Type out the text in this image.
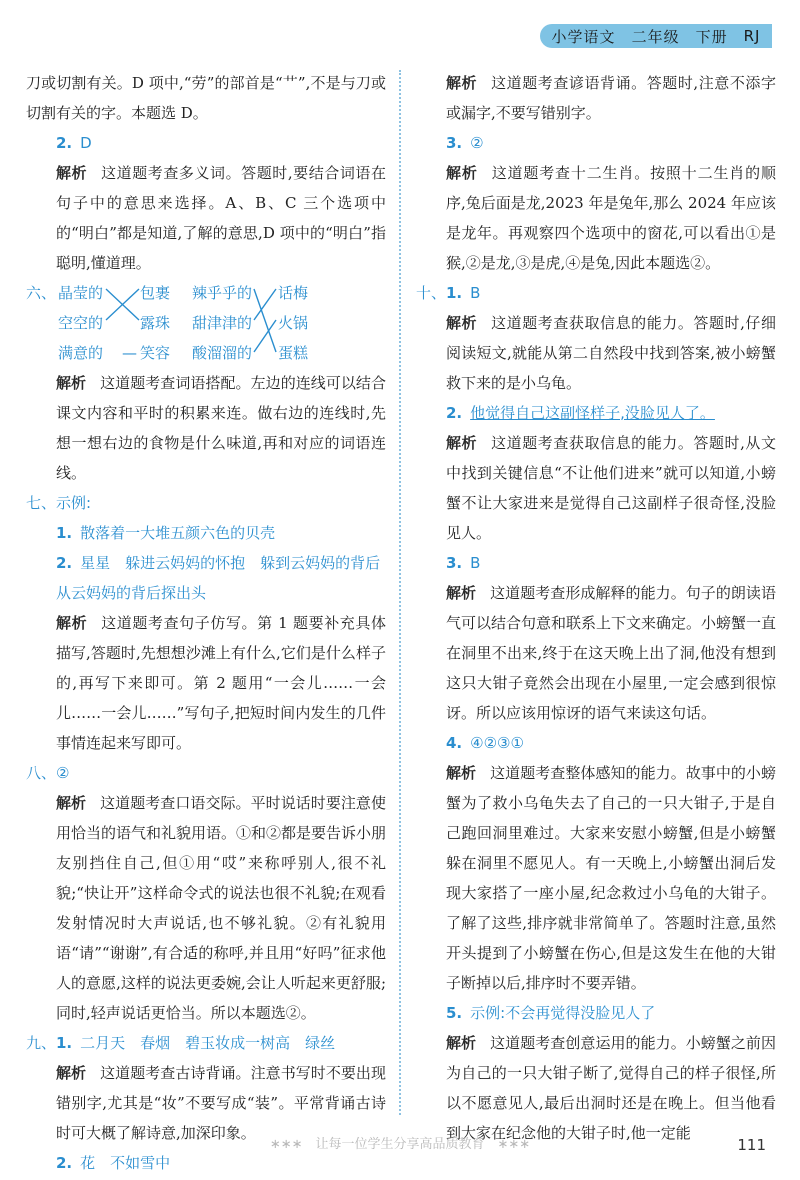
小学语文 二年级 下册 RJ
刀或切割有关。D 项中,“劳”的部首是“艹”,不是与刀或切割有关的字。本题选 D。
2. D
解析 这道题考查多义词。答题时,要结合词语在句子中的意思来选择。A、B、C 三个选项中的“明白”都是知道,了解的意思,D 项中的“明白”指聪明,懂道理。
六、 晶莹的
空空的
满意的 —
包裹
露珠
笑容
辣乎乎的
甜津津的
酸溜溜的
话梅
火锅
蛋糕
解析 这道题考查词语搭配。左边的连线可以结合课文内容和平时的积累来连。做右边的连线时,先想一想右边的食物是什么味道,再和对应的词语连线。
七、示例:
1. 散落着一大堆五颜六色的贝壳
2. 星星　躲进云妈妈的怀抱　躲到云妈妈的背后　从云妈妈的背后探出头
解析 这道题考查句子仿写。第 1 题要补充具体描写,答题时,先想想沙滩上有什么,它们是什么样子的,再写下来即可。第 2 题用“一会儿……一会儿……一会儿……”写句子,把短时间内发生的几件事情连起来写即可。
八、②
解析 这道题考查口语交际。平时说话时要注意使用恰当的语气和礼貌用语。①和②都是要告诉小朋友别挡住自己,但①用“哎”来称呼别人,很不礼貌;“快让开”这样命令式的说法也很不礼貌;在观看发射情况时大声说话,也不够礼貌。②有礼貌用语“请”“谢谢”,有合适的称呼,并且用“好吗”征求他人的意愿,这样的说法更委婉,会让人听起来更舒服;同时,轻声说话更恰当。所以本题选②。
九、1. 二月天　春烟　碧玉妆成一树高　绿丝
解析 这道题考查古诗背诵。注意书写时不要出现错别字,尤其是“妆”不要写成“装”。平常背诵古诗时可大概了解诗意,加深印象。
2. 花　不如雪中
解析 这道题考查谚语背诵。答题时,注意不添字或漏字,不要写错别字。
3. ②
解析 这道题考查十二生肖。按照十二生肖的顺序,兔后面是龙,2023 年是兔年,那么 2024 年应该是龙年。再观察四个选项中的窗花,可以看出①是猴,②是龙,③是虎,④是兔,因此本题选②。
十、1. B
解析 这道题考查获取信息的能力。答题时,仔细阅读短文,就能从第二自然段中找到答案,被小螃蟹救下来的是小乌龟。
2. 他觉得自己这副怪样子,没脸见人了。
解析 这道题考查获取信息的能力。答题时,从文中找到关键信息“不让他们进来”就可以知道,小螃蟹不让大家进来是觉得自己这副样子很奇怪,没脸见人。
3. B
解析 这道题考查形成解释的能力。句子的朗读语气可以结合句意和联系上下文来确定。小螃蟹一直在洞里不出来,终于在这天晚上出了洞,他没有想到这只大钳子竟然会出现在小屋里,一定会感到很惊讶。所以应该用惊讶的语气来读这句话。
4. ④②③①
解析 这道题考查整体感知的能力。故事中的小螃蟹为了救小乌龟失去了自己的一只大钳子,于是自己跑回洞里难过。大家来安慰小螃蟹,但是小螃蟹躲在洞里不愿见人。有一天晚上,小螃蟹出洞后发现大家搭了一座小屋,纪念救过小乌龟的大钳子。了解了这些,排序就非常简单了。答题时注意,虽然开头提到了小螃蟹在伤心,但是这发生在他的大钳子断掉以后,排序时不要弄错。
5. 示例:不会再觉得没脸见人了
解析 这道题考查创意运用的能力。小螃蟹之前因为自己的一只大钳子断了,觉得自己的样子很怪,所以不愿意见人,最后出洞时还是在晚上。但当他看到大家在纪念他的大钳子时,他一定能
∗∗∗　让每一位学生分享高品质教育　∗∗∗	111
